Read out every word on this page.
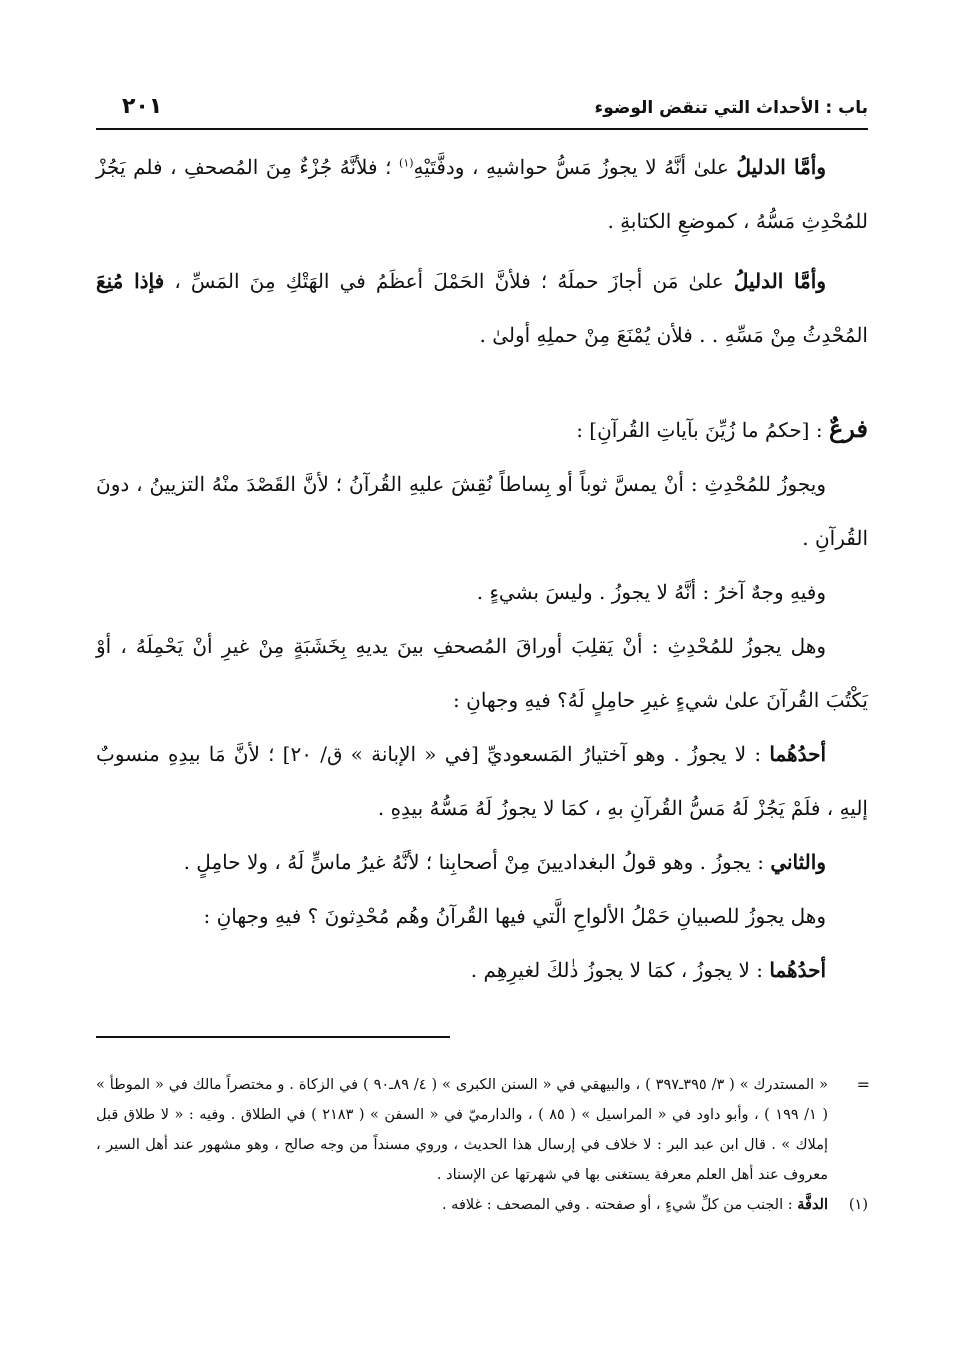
باب : الأحداث التي تنقض الوضوء
٢٠١

وأمَّا الدليلُ علىٰ أنَّهُ لا يجوزُ مَسُّ حواشيهِ ، ودفَّتَيْهِ$^{(١)}$ ؛ فلأنَّهُ جُزْءٌ مِنَ المُصحفِ ، فلم يَجُزْ للمُحْدِثِ مَسُّهُ ، كموضعِ الكتابةِ .

وأمَّا الدليلُ علىٰ مَن أجازَ حملَهُ ؛ فلأنَّ الحَمْلَ أعظَمُ في الهَتْكِ مِنَ المَسِّ ، فإذا مُنِعَ المُحْدِثُ مِنْ مَسِّهِ . . فلأن يُمْنَعَ مِنْ حملِهِ أولىٰ .

فرعٌ : [حكمُ ما زُيِّنَ بآياتِ القُرآنِ] :

ويجوزُ للمُحْدِثِ : أنْ يمسَّ ثوباً أو بِساطاً نُقِشَ عليهِ القُرآنُ ؛ لأنَّ القَصْدَ منْهُ التزيينُ ، دونَ القُرآنِ .

وفيهِ وجهٌ آخرُ : أنَّهُ لا يجوزُ . وليسَ بشيءٍ .

وهل يجوزُ للمُحْدِثِ : أنْ يَقلِبَ أوراقَ المُصحفِ بينَ يديهِ بِخَشَبَةٍ مِنْ غيرِ أنْ يَحْمِلَهُ ، أوْ يَكْتُبَ القُرآنَ علىٰ شيءٍ غيرِ حامِلٍ لَهُ؟ فيهِ وجهانِ :

أحدُهُما : لا يجوزُ . وهو آختيارُ المَسعوديِّ [في « الإبانة » ق/ ٢٠] ؛ لأنَّ مَا بيدِهِ منسوبٌ إليهِ ، فلَمْ يَجُزْ لَهُ مَسُّ القُرآنِ بهِ ، كمَا لا يجوزُ لَهُ مَسُّهُ بيدِهِ .

والثاني : يجوزُ . وهو قولُ البغداديينَ مِنْ أصحابِنا ؛ لأنَّهُ غيرُ ماسٍّ لَهُ ، ولا حامِلٍ .

وهل يجوزُ للصبيانِ حَمْلُ الألواحِ الَّتي فيها القُرآنُ وهُم مُحْدِثونَ ؟ فيهِ وجهانِ :

أحدُهُما : لا يجوزُ ، كمَا لا يجوزُ ذٰلكَ لغيرِهِم .

=
« المستدرك » ( ٣/ ٣٩٥ـ٣٩٧ ) ، والبيهقي في « السنن الكبرى » ( ٤/ ٨٩ـ٩٠ ) في الزكاة . و مختصراً مالك في « الموطأ » ( ١/ ١٩٩ ) ، وأبو داود في « المراسيل » ( ٨٥ ) ، والدارميّ في « السفن » ( ٢١٨٣ ) في الطلاق . وفيه : « لا طلاق قبل إملاك » . قال ابن عبد البر : لا خلاف في إرسال هذا الحديث ، وروي مسنداً من وجه صالح ، وهو مشهور عند أهل السير ، معروف عند أهل العلم معرفة يستغنى بها في شهرتها عن الإسناد .

(١)الدفَّة : الجنب من كلِّ شيءٍ ، أو صفحته . وفي المصحف : غلافه .
